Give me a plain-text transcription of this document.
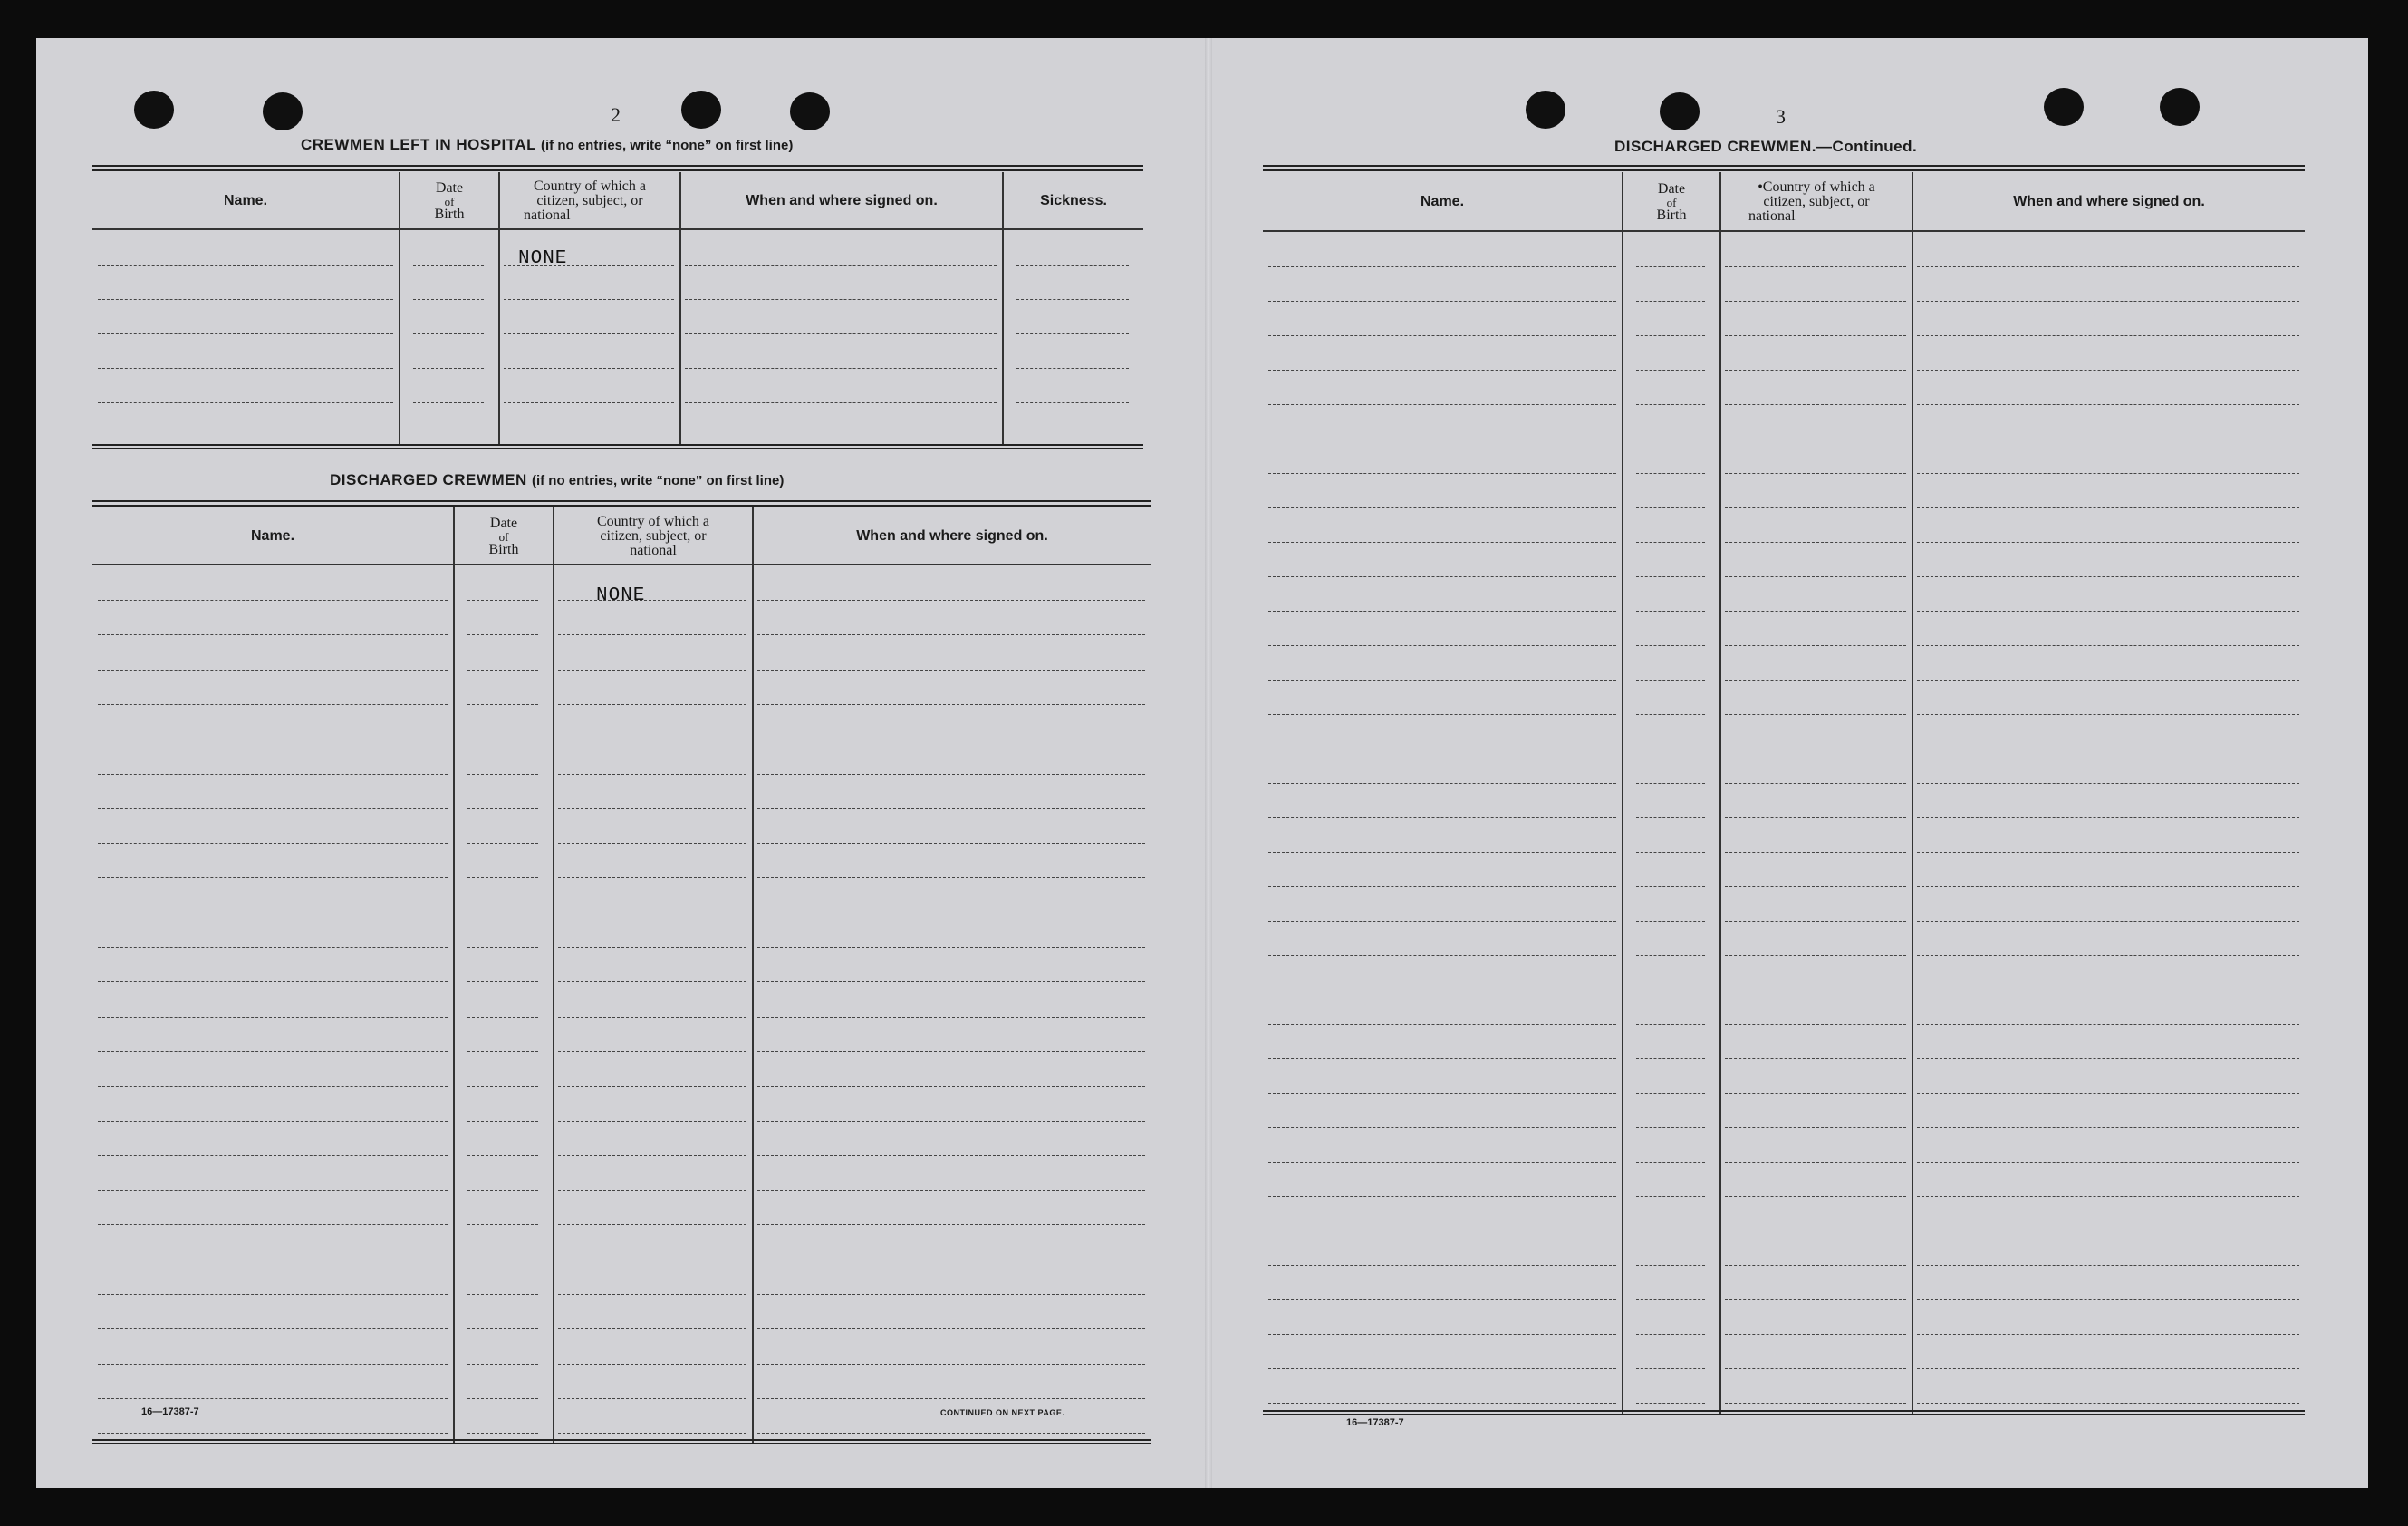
2
CREWMEN LEFT IN HOSPITAL (if no entries, write “none” on first line)
Name.
Date
of
Birth
Country of which a
citizen, subject, or
national
When and where signed on.	Sickness.
NONE
DISCHARGED CREWMEN (if no entries, write “none” on first line)
Name.
Date
of
Birth
Country of which a
citizen, subject, or
national
When and where signed on.
NONE
16—17387-7	CONTINUED ON NEXT PAGE.
3
DISCHARGED CREWMEN.—Continued.
Name.
Date
of
Birth
•Country of which a
citizen, subject, or
national
When and where signed on.
16—17387-7
